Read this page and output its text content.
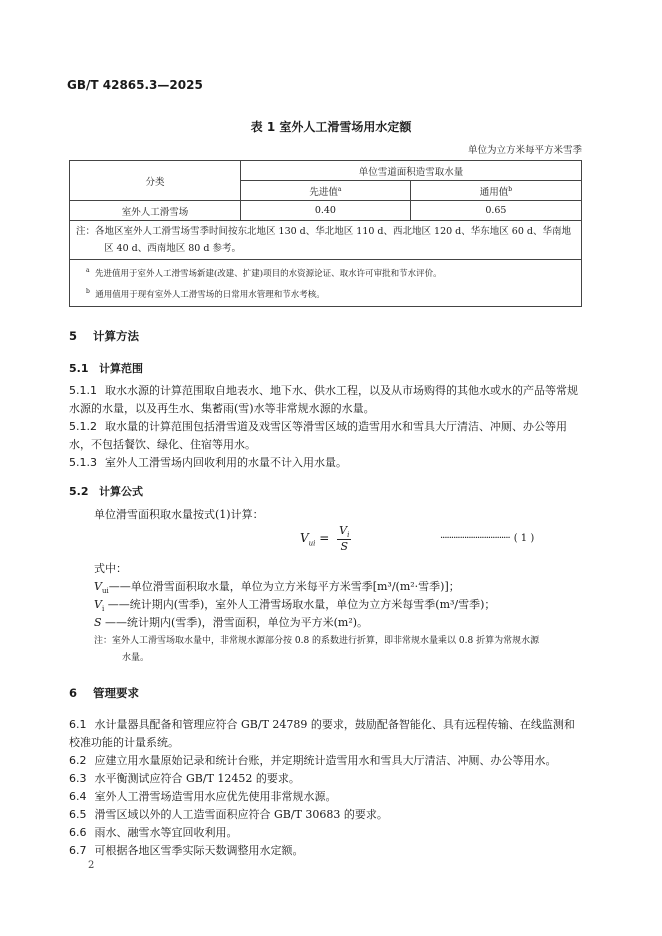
GB/T 42865.3—2025
表 1 室外人工滑雪场用水定额
单位为立方米每平方米雪季
分类	单位雪道面积造雪取水量	
	先进值$^a$	通用值$^b$
室外人工滑雪场	0.40	0.65

注：各地区室外人工滑雪场雪季时间按东北地区 130 d、华北地区 110 d、西北地区 120 d、华东地区 60 d、华南地
区 40 d、西南地区 80 d 参考。		

$^a$ 先进值用于室外人工滑雪场新建(改建、扩建)项目的水资源论证、取水许可审批和节水评价。
$^b$ 通用值用于现有室外人工滑雪场的日常用水管理和节水考核。		
5 计算方法
5.1 计算范围
5.1.1 取水水源的计算范围取自地表水、地下水、供水工程，以及从市场购得的其他水或水的产品等常规水源的水量，以及再生水、集蓄雨(雪)水等非常规水源的水量。
5.1.2 取水量的计算范围包括滑雪道及戏雪区等滑雪区域的造雪用水和雪具大厅清洁、冲厕、办公等用水，不包括餐饮、绿化、住宿等用水。
5.1.3 室外人工滑雪场内回收利用的水量不计入用水量。
5.2 计算公式
单位滑雪面积取水量按式(1)计算：
$V_{ui} = \frac{V_i}{S}$	································ ( 1 )
式中：
$V_{ui}——$单位滑雪面积取水量，单位为立方米每平方米雪季[m³/(m²·雪季)]；
$V_i$ ——统计期内(雪季)，室外人工滑雪场取水量，单位为立方米每雪季(m³/雪季)；
S ——统计期内(雪季)，滑雪面积，单位为平方米(m²)。
注：室外人工滑雪场取水量中，非常规水源部分按 0.8 的系数进行折算，即非常规水量乘以 0.8 折算为常规水源
水量。
6 管理要求
6.1 水计量器具配备和管理应符合 GB/T 24789 的要求，鼓励配备智能化、具有远程传输、在线监测和校准功能的计量系统。
6.2 应建立用水量原始记录和统计台账，并定期统计造雪用水和雪具大厅清洁、冲厕、办公等用水。
6.3 水平衡测试应符合 GB/T 12452 的要求。
6.4 室外人工滑雪场造雪用水应优先使用非常规水源。
6.5 滑雪区域以外的人工造雪面积应符合 GB/T 30683 的要求。
6.6 雨水、融雪水等宜回收利用。
6.7 可根据各地区雪季实际天数调整用水定额。
2
